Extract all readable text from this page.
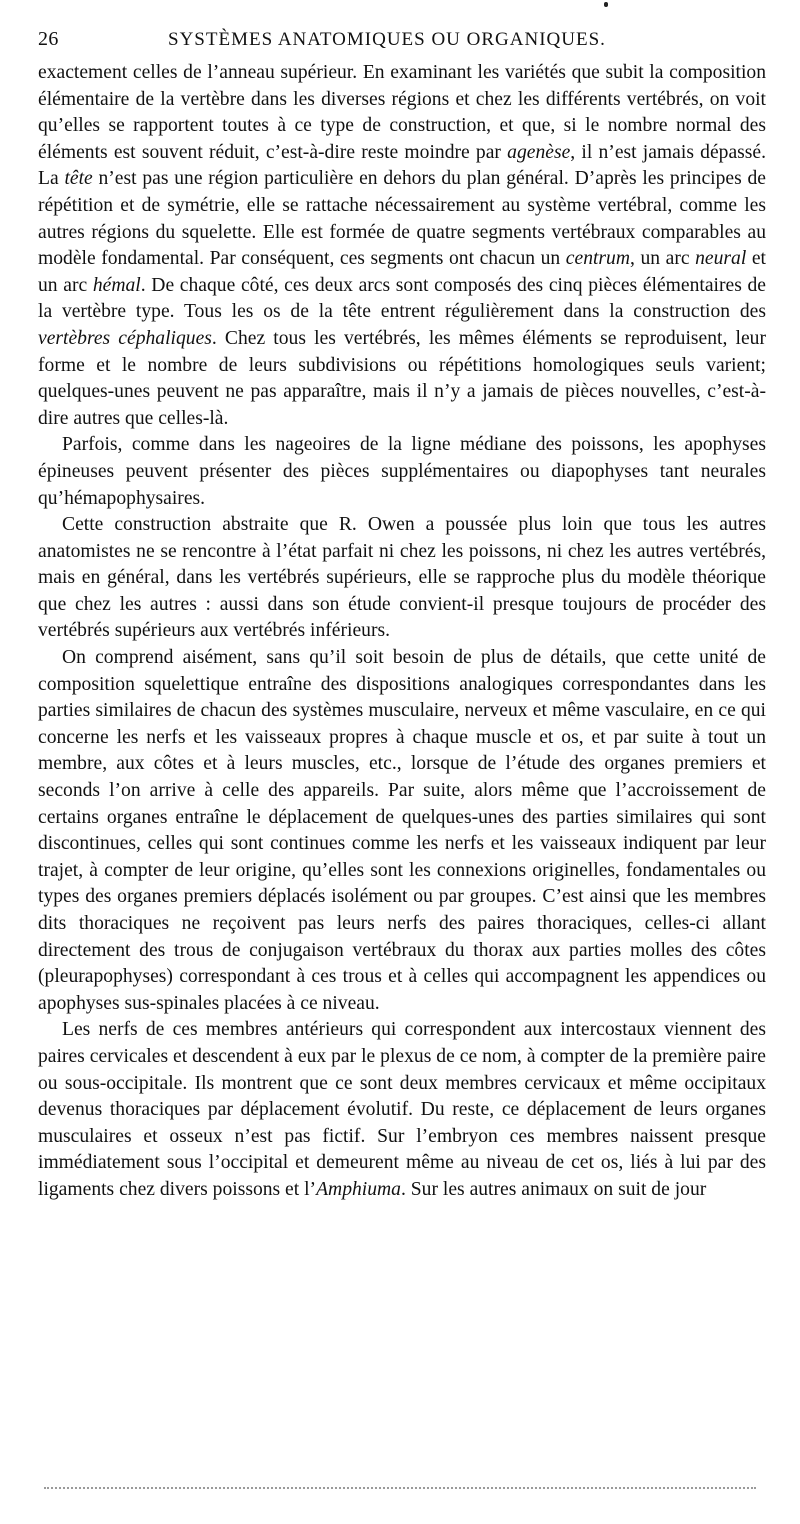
26	SYSTÈMES ANATOMIQUES OU ORGANIQUES.

exactement celles de l’anneau supérieur. En examinant les variétés que subit la composition élémentaire de la vertèbre dans les diverses régions et chez les différents vertébrés, on voit qu’elles se rapportent toutes à ce type de construction, et que, si le nombre normal des éléments est souvent réduit, c’est-à-dire reste moindre par agenèse, il n’est jamais dépassé. La tête n’est pas une région particulière en dehors du plan général. D’après les principes de répétition et de symétrie, elle se rattache nécessairement au système vertébral, comme les autres régions du squelette. Elle est formée de quatre segments vertébraux comparables au modèle fondamental. Par conséquent, ces segments ont chacun un centrum, un arc neural et un arc hémal. De chaque côté, ces deux arcs sont composés des cinq pièces élémentaires de la vertèbre type. Tous les os de la tête entrent régulièrement dans la construction des vertèbres céphaliques. Chez tous les vertébrés, les mêmes éléments se reproduisent, leur forme et le nombre de leurs subdivisions ou répétitions homologiques seuls varient; quelques-unes peuvent ne pas apparaître, mais il n’y a jamais de pièces nouvelles, c’est-à-dire autres que celles-là.

Parfois, comme dans les nageoires de la ligne médiane des poissons, les apophyses épineuses peuvent présenter des pièces supplémentaires ou diapophyses tant neurales qu’hémapophysaires.

Cette construction abstraite que R. Owen a poussée plus loin que tous les autres anatomistes ne se rencontre à l’état parfait ni chez les poissons, ni chez les autres vertébrés, mais en général, dans les vertébrés supérieurs, elle se rapproche plus du modèle théorique que chez les autres : aussi dans son étude convient-il presque toujours de procéder des vertébrés supérieurs aux vertébrés inférieurs.

On comprend aisément, sans qu’il soit besoin de plus de détails, que cette unité de composition squelettique entraîne des dispositions analogiques correspondantes dans les parties similaires de chacun des systèmes musculaire, nerveux et même vasculaire, en ce qui concerne les nerfs et les vaisseaux propres à chaque muscle et os, et par suite à tout un membre, aux côtes et à leurs muscles, etc., lorsque de l’étude des organes premiers et seconds l’on arrive à celle des appareils. Par suite, alors même que l’accroissement de certains organes entraîne le déplacement de quelques-unes des parties similaires qui sont discontinues, celles qui sont continues comme les nerfs et les vaisseaux indiquent par leur trajet, à compter de leur origine, qu’elles sont les connexions originelles, fondamentales ou types des organes premiers déplacés isolément ou par groupes. C’est ainsi que les membres dits thoraciques ne reçoivent pas leurs nerfs des paires thoraciques, celles-ci allant directement des trous de conjugaison vertébraux du thorax aux parties molles des côtes (pleurapophyses) correspondant à ces trous et à celles qui accompagnent les appendices ou apophyses sus-spinales placées à ce niveau.

Les nerfs de ces membres antérieurs qui correspondent aux intercostaux viennent des paires cervicales et descendent à eux par le plexus de ce nom, à compter de la première paire ou sous-occipitale. Ils montrent que ce sont deux membres cervicaux et même occipitaux devenus thoraciques par déplacement évolutif. Du reste, ce déplacement de leurs organes musculaires et osseux n’est pas fictif. Sur l’embryon ces membres naissent presque immédiatement sous l’occipital et demeurent même au niveau de cet os, liés à lui par des ligaments chez divers poissons et l’Amphiuma. Sur les autres animaux on suit de jour
